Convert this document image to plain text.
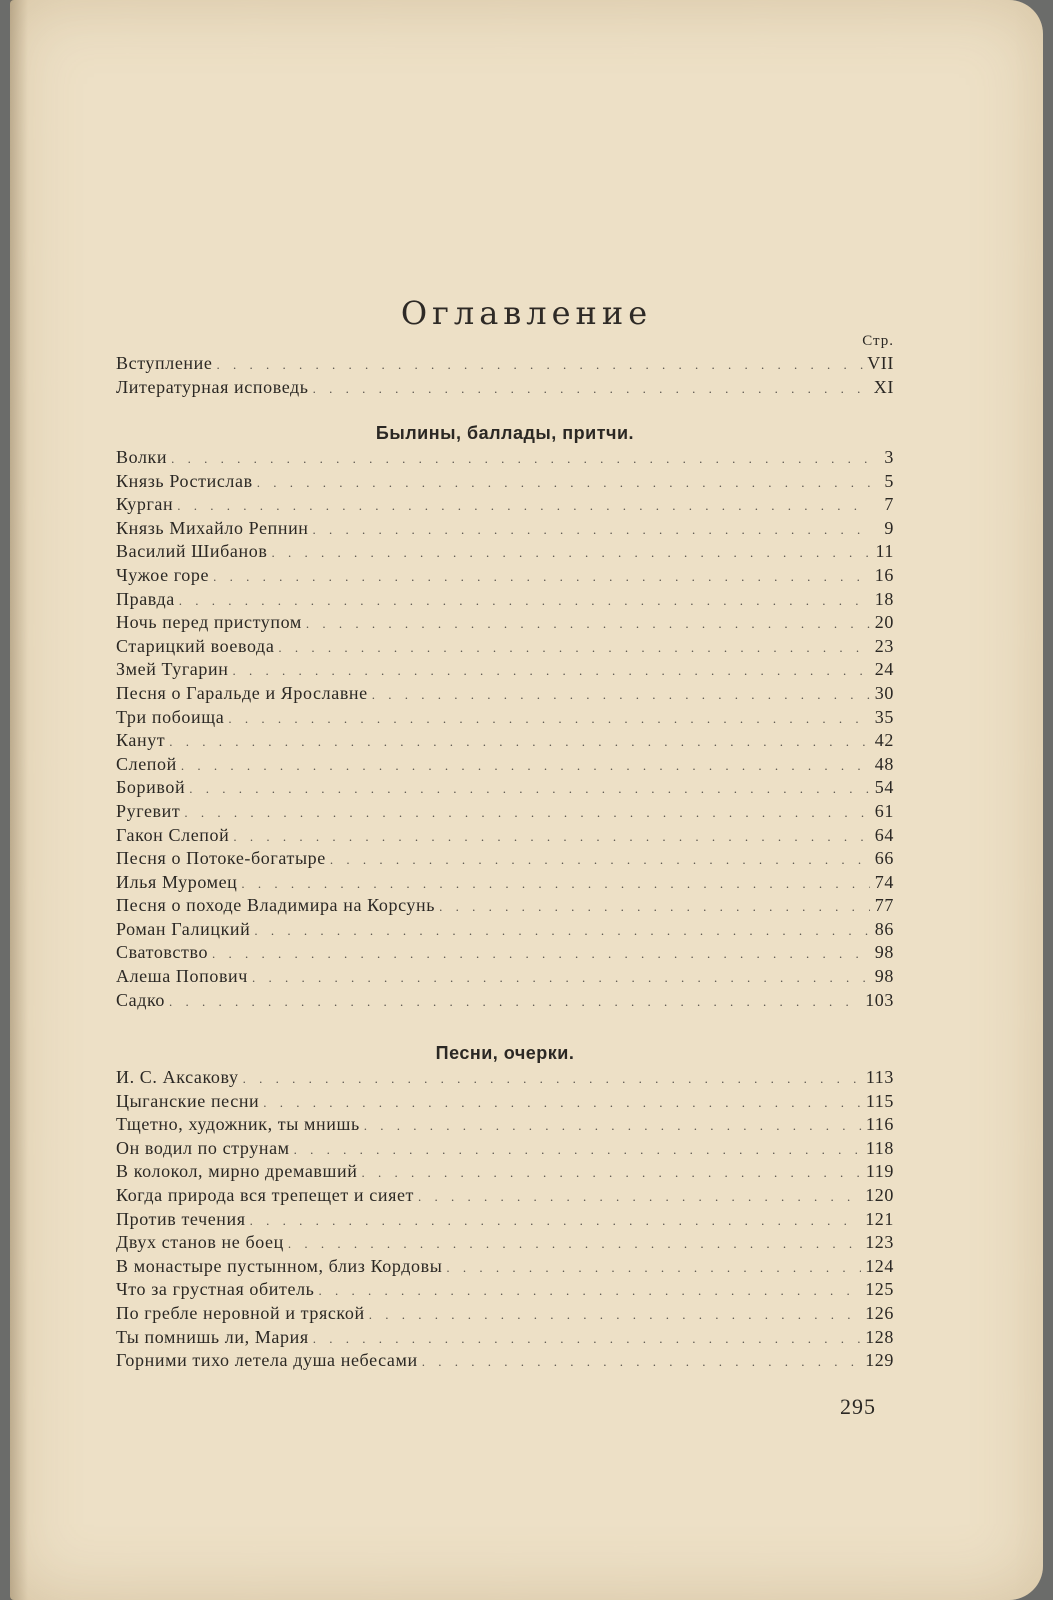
Оглавление
Стр.
Вступление . . .	VII
Литературная исповедь . . .	XI
Былины, баллады, притчи.
Волки . . .	3
Князь Ростислав . . .	5
Курган . . .	7
Князь Михайло Репнин . . .	9
Василий Шибанов . . .	11
Чужое горе . . .	16
Правда . . .	18
Ночь перед приступом . . .	20
Старицкий воевода . . .	23
Змей Тугарин . . .	24
Песня о Гаральде и Ярославне . . .	30
Три побоища . . .	35
Канут . . .	42
Слепой . . .	48
Боривой . . .	54
Ругевит . . .	61
Гакон Слепой . . .	64
Песня о Потоке-богатыре . . .	66
Илья Муромец . . .	74
Песня о походе Владимира на Корсунь . . .	77
Роман Галицкий . . .	86
Сватовство . . .	98
Алеша Попович . . .	98
Садко . . .	103
Песни, очерки.
И. С. Аксакову . . .	113
Цыганские песни . . .	115
Тщетно, художник, ты мнишь . . .	116
Он водил по струнам . . .	118
В колокол, мирно дремавший . . .	119
Когда природа вся трепещет и сияет . . .	120
Против течения . . .	121
Двух станов не боец . . .	123
В монастыре пустынном, близ Кордовы . . .	124
Что за грустная обитель . . .	125
По гребле неровной и тряской . . .	126
Ты помнишь ли, Мария . . .	128
Горними тихо летела душа небесами . . .	129
295
